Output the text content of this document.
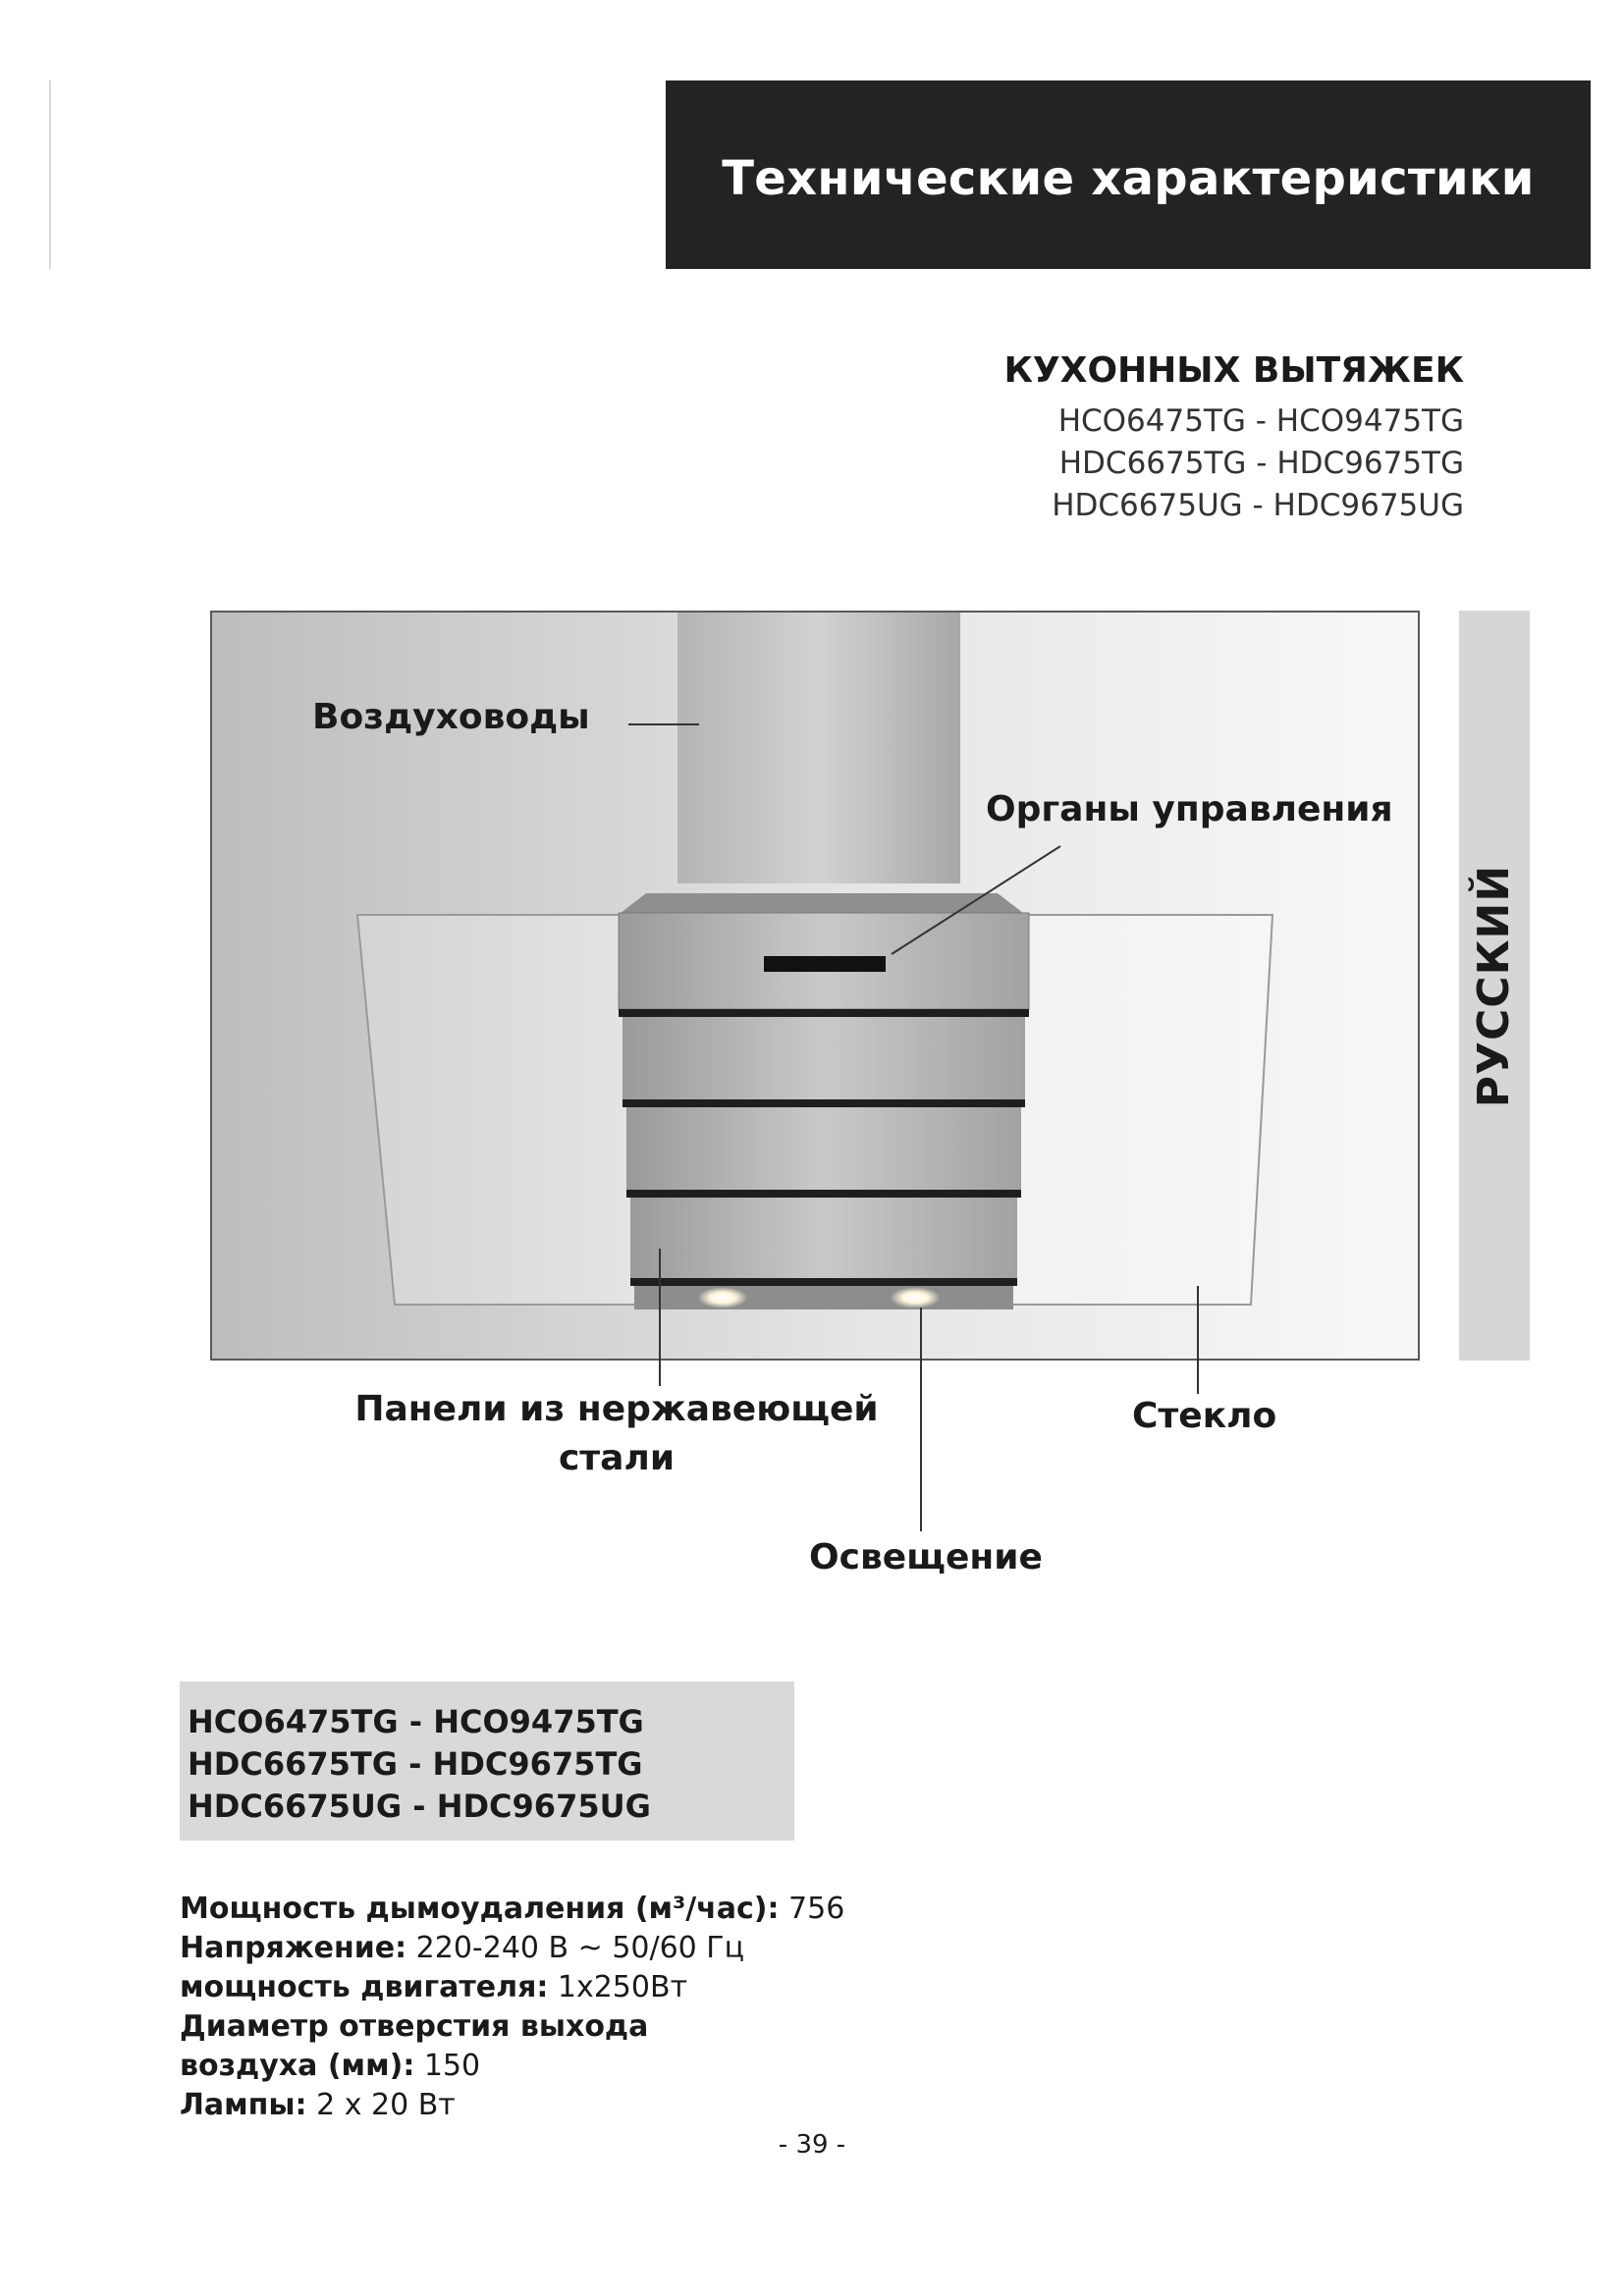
Технические характеристики
КУХОННЫХ ВЫТЯЖЕК
HCO6475TG - HCO9475TG
HDC6675TG - HDC9675TG
HDC6675UG - HDC9675UG
РУССКИЙ
Воздуховоды
Органы управления
Панели из нержавеющей стали
Стекло
Освещение
HCO6475TG - HCO9475TG
HDC6675TG - HDC9675TG
HDC6675UG - HDC9675UG
Мощность дымоудаления (м³/час): 756
Напряжение: 220-240 В ~ 50/60 Гц
мощность двигателя: 1x250Вт
Диаметр отверстия выхода
воздуха (мм): 150
Лампы: 2 x 20 Вт
- 39 -
